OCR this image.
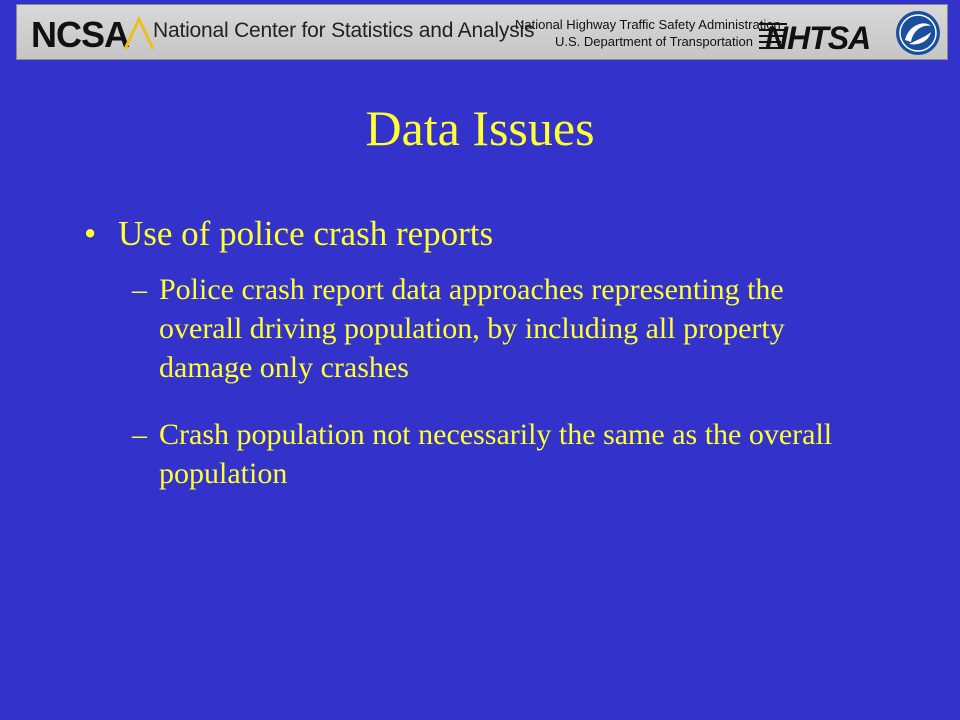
NCSA National Center for Statistics and Analysis
National Highway Traffic Safety Administration
U.S. Department of Transportation NHTSA
Data Issues
• Use of police crash reports
– Police crash report data approaches representing the overall driving population, by including all property damage only crashes
– Crash population not necessarily the same as the overall population
